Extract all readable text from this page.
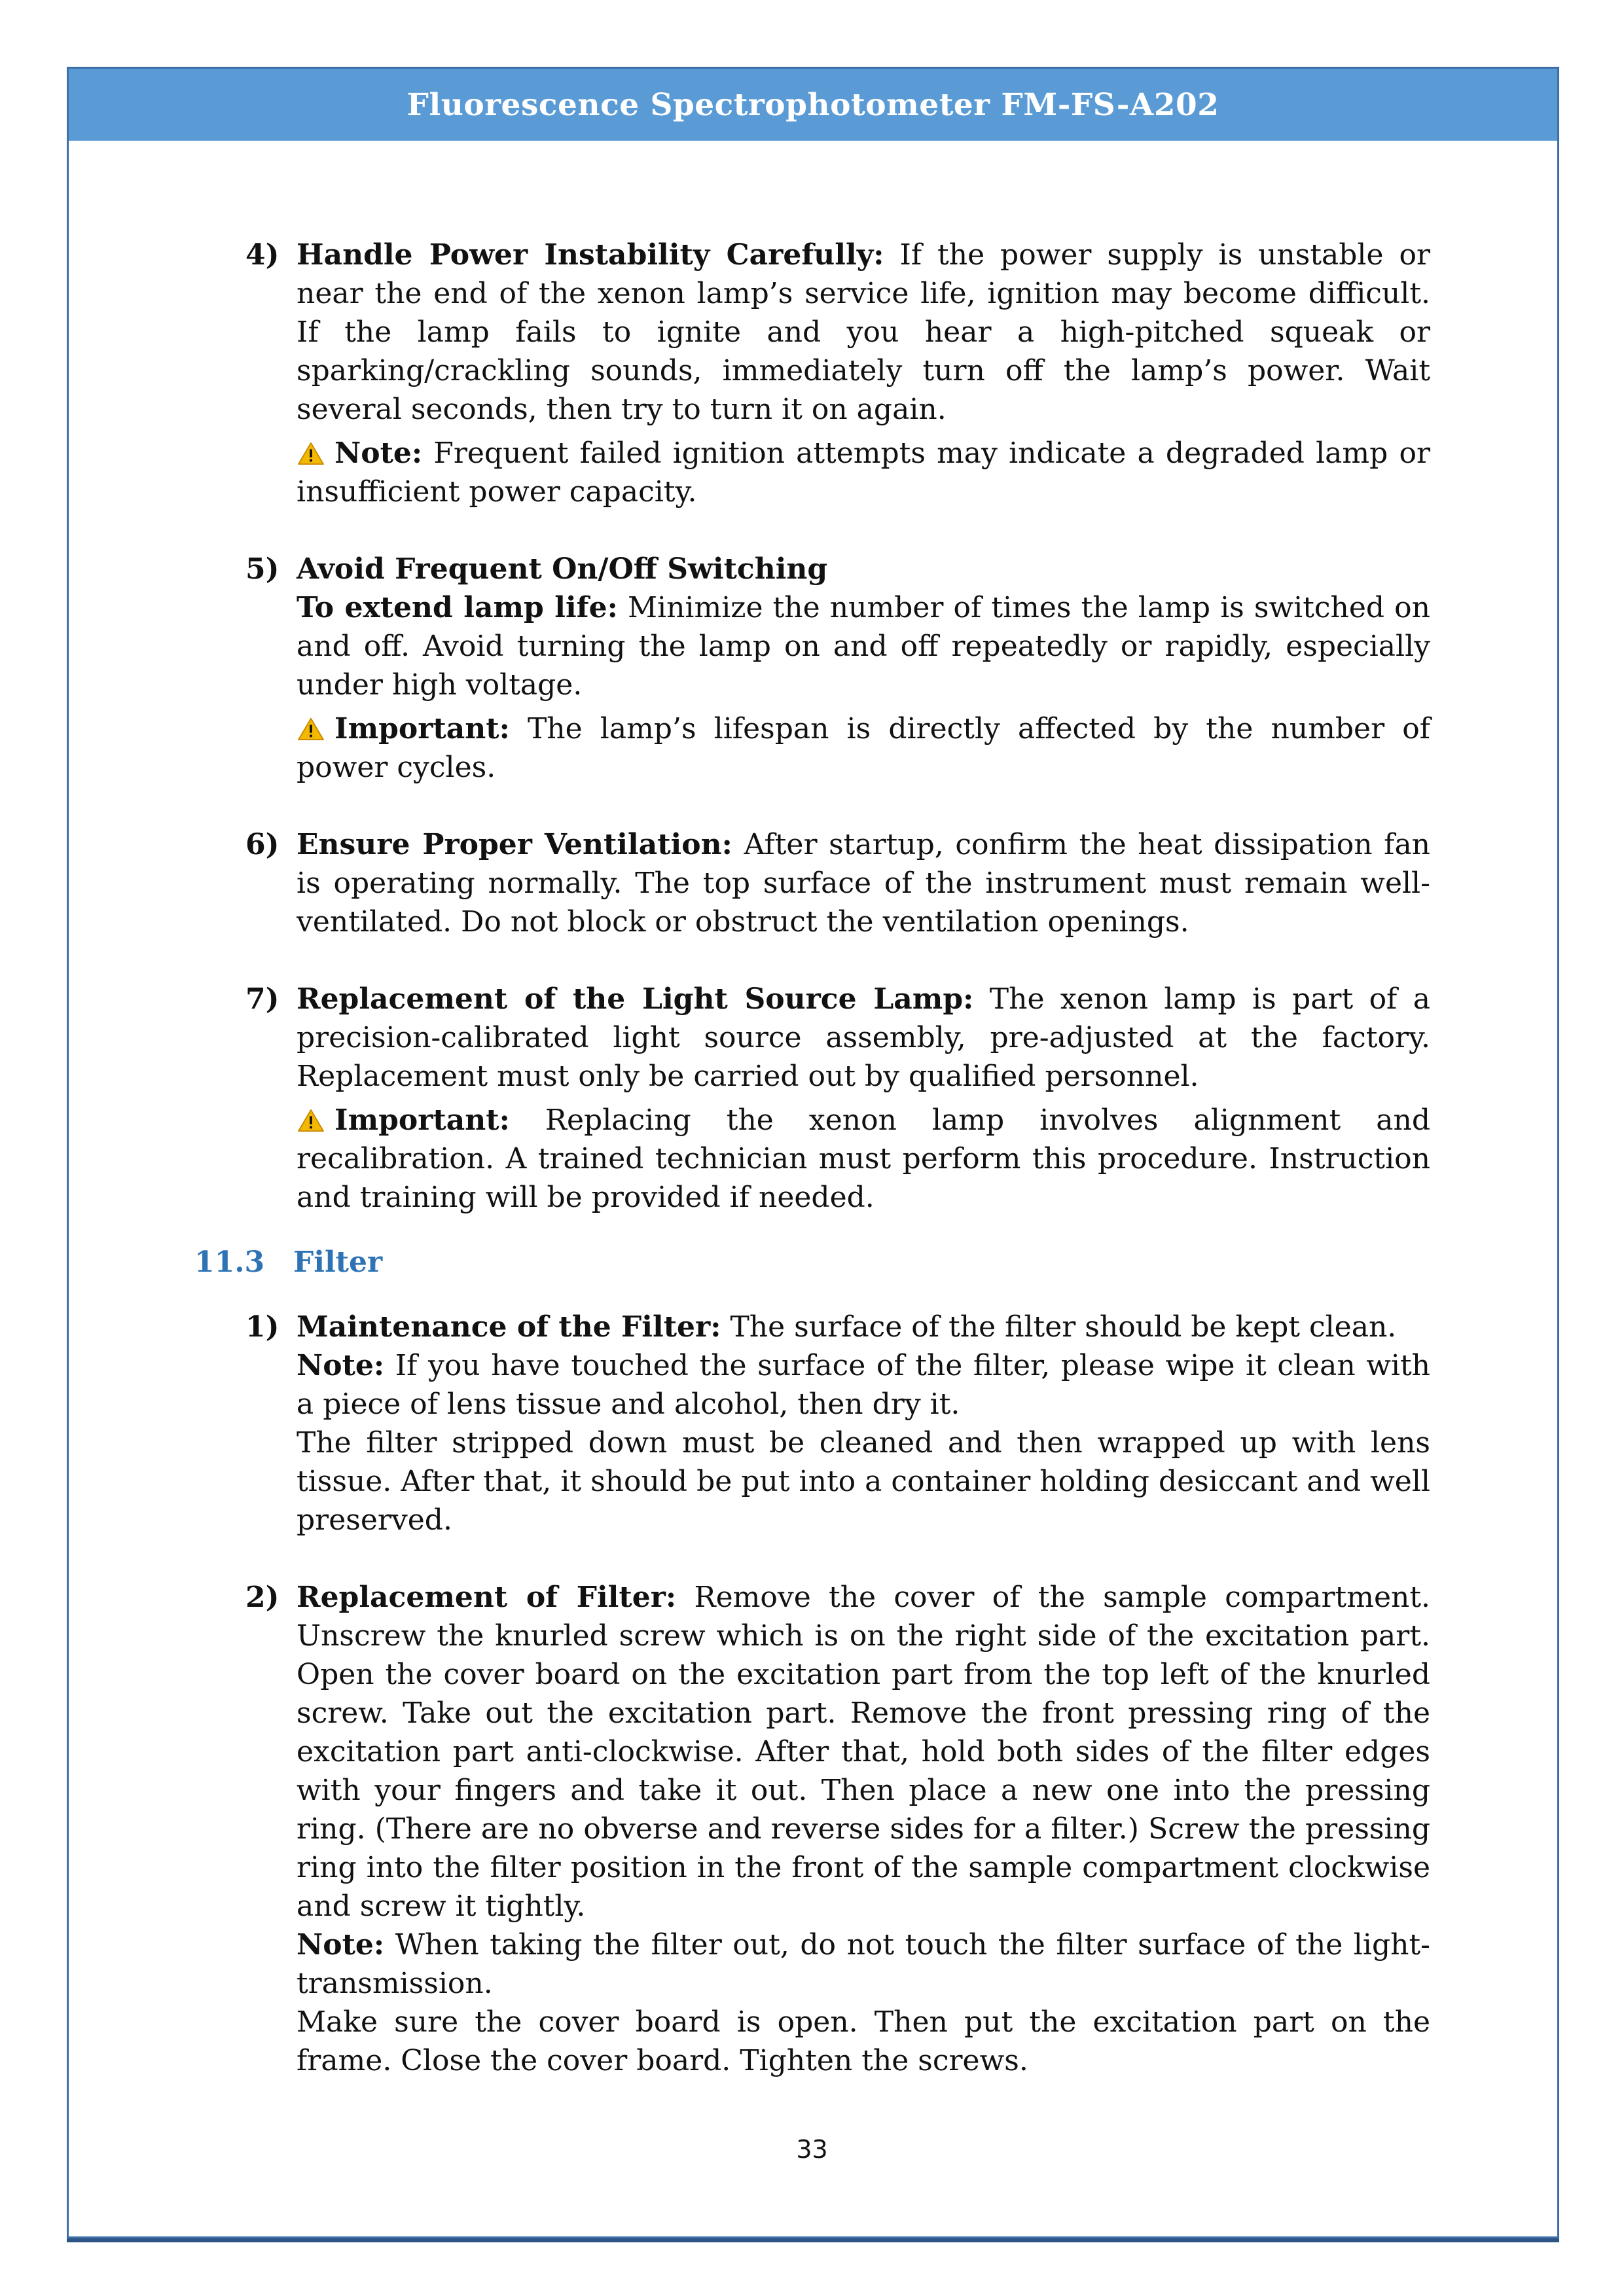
Fluorescence Spectrophotometer FM-FS-A202
4) Handle Power Instability Carefully: If the power supply is unstable or near the end of the xenon lamp’s service life, ignition may become difficult. If the lamp fails to ignite and you hear a high-pitched squeak or sparking/crackling sounds, immediately turn off the lamp’s power. Wait several seconds, then try to turn it on again.

Note: Frequent failed ignition attempts may indicate a degraded lamp or insufficient power capacity.

5) Avoid Frequent On/Off Switching

To extend lamp life: Minimize the number of times the lamp is switched on and off. Avoid turning the lamp on and off repeatedly or rapidly, especially under high voltage.

Important: The lamp’s lifespan is directly affected by the number of power cycles.

6) Ensure Proper Ventilation: After startup, confirm the heat dissipation fan is operating normally. The top surface of the instrument must remain well-ventilated. Do not block or obstruct the ventilation openings.

7) Replacement of the Light Source Lamp: The xenon lamp is part of a precision-calibrated light source assembly, pre-adjusted at the factory. Replacement must only be carried out by qualified personnel.

Important: Replacing the xenon lamp involves alignment and recalibration. A trained technician must perform this procedure. Instruction and training will be provided if needed.

11.3 Filter
1) Maintenance of the Filter: The surface of the filter should be kept clean.

Note: If you have touched the surface of the filter, please wipe it clean with a piece of lens tissue and alcohol, then dry it.

The filter stripped down must be cleaned and then wrapped up with lens tissue. After that, it should be put into a container holding desiccant and well preserved.

2) Replacement of Filter: Remove the cover of the sample compartment. Unscrew the knurled screw which is on the right side of the excitation part. Open the cover board on the excitation part from the top left of the knurled screw. Take out the excitation part. Remove the front pressing ring of the excitation part anti-clockwise. After that, hold both sides of the filter edges with your fingers and take it out. Then place a new one into the pressing ring. (There are no obverse and reverse sides for a filter.) Screw the pressing ring into the filter position in the front of the sample compartment clockwise and screw it tightly.

Note: When taking the filter out, do not touch the filter surface of the light-transmission.

Make sure the cover board is open. Then put the excitation part on the frame. Close the cover board. Tighten the screws.

33
